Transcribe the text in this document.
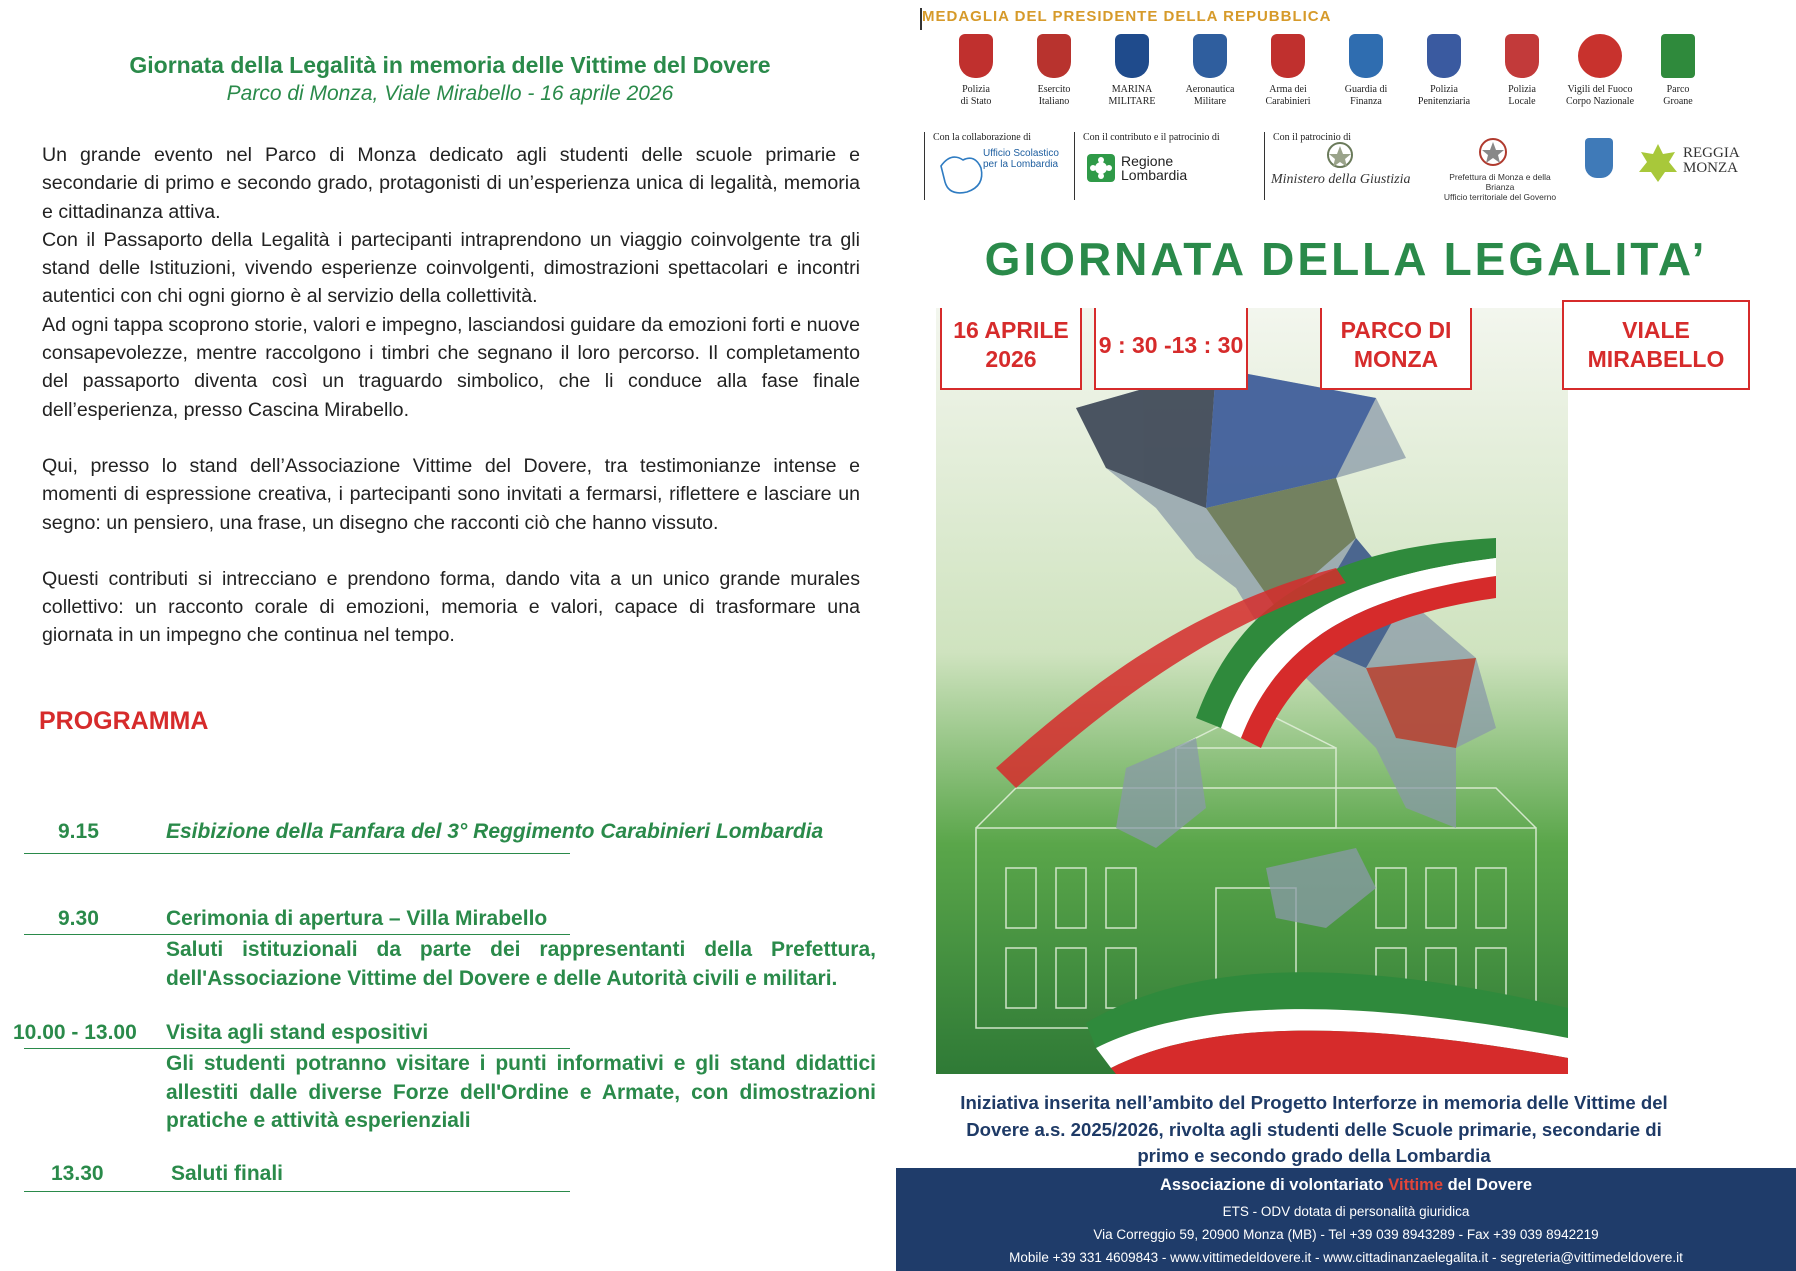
Giornata della Legalità in memoria delle Vittime del Dovere
Parco di Monza, Viale Mirabello - 16 aprile 2026

Un grande evento nel Parco di Monza dedicato agli studenti delle scuole primarie e secondarie di primo e secondo grado, protagonisti di un’esperienza unica di legalità, memoria e cittadinanza attiva.

Con il Passaporto della Legalità i partecipanti intraprendono un viaggio coinvolgente tra gli stand delle Istituzioni, vivendo esperienze coinvolgenti, dimostrazioni spettacolari e incontri autentici con chi ogni giorno è al servizio della collettività.

Ad ogni tappa scoprono storie, valori e impegno, lasciandosi guidare da emozioni forti e nuove consapevolezze, mentre raccolgono i timbri che segnano il loro percorso. Il completamento del passaporto diventa così un traguardo simbolico, che li conduce alla fase finale dell’esperienza, presso Cascina Mirabello.

Qui, presso lo stand dell’Associazione Vittime del Dovere, tra testimonianze intense e momenti di espressione creativa, i partecipanti sono invitati a fermarsi, riflettere e lasciare un segno: un pensiero, una frase, un disegno che racconti ciò che hanno vissuto.

Questi contributi si intrecciano e prendono forma, dando vita a un unico grande murales collettivo: un racconto corale di emozioni, memoria e valori, capace di trasformare una giornata in un impegno che continua nel tempo.

PROGRAMMA
9.15	Esibizione della Fanfara del 3° Reggimento Carabinieri Lombardia
9.30	Cerimonia di apertura – Villa Mirabello
Saluti istituzionali da parte dei rappresentanti della Prefettura, dell'Associazione Vittime del Dovere e delle Autorità civili e militari.
10.00 - 13.00 Visita agli stand espositivi
Gli studenti potranno visitare i punti informativi e gli stand didattici allestiti dalle diverse Forze dell'Ordine e Armate, con dimostrazioni pratiche e attività esperienziali
13.30	Saluti finali
MEDAGLIA DEL PRESIDENTE DELLA REPUBBLICA
Polizia
di Stato
Esercito
Italiano
MARINA
MILITARE
Aeronautica
Militare
Arma dei
Carabinieri
Guardia di
Finanza
Polizia
Penitenziaria
Polizia
Locale
Vigili del Fuoco
Corpo Nazionale
Parco
Groane
Con la collaborazione di
Ufficio Scolastico per la Lombardia
Con il contributo e il patrocinio di
Regione
Lombardia
Con il patrocinio di
Ministero della Giustizia	Prefettura di Monza e della Brianza
Ufficio territoriale del Governo
REGGIA
MONZA
GIORNATA DELLA LEGALITA’
16 APRILE 2026
9 : 30 -13 : 30
PARCO DI MONZA
VIALE MIRABELLO
Iniziativa inserita nell’ambito del Progetto Interforze in memoria delle Vittime del Dovere a.s. 2025/2026, rivolta agli studenti delle Scuole primarie, secondarie di primo e secondo grado della Lombardia
Associazione di volontariato Vittime del Dovere
ETS - ODV dotata di personalità giuridica
Via Correggio 59, 20900 Monza (MB) - Tel +39 039 8943289 - Fax +39 039 8942219
Mobile +39 331 4609843 - www.vittimedeldovere.it - www.cittadinanzaelegalita.it - segreteria@vittimedeldovere.it
